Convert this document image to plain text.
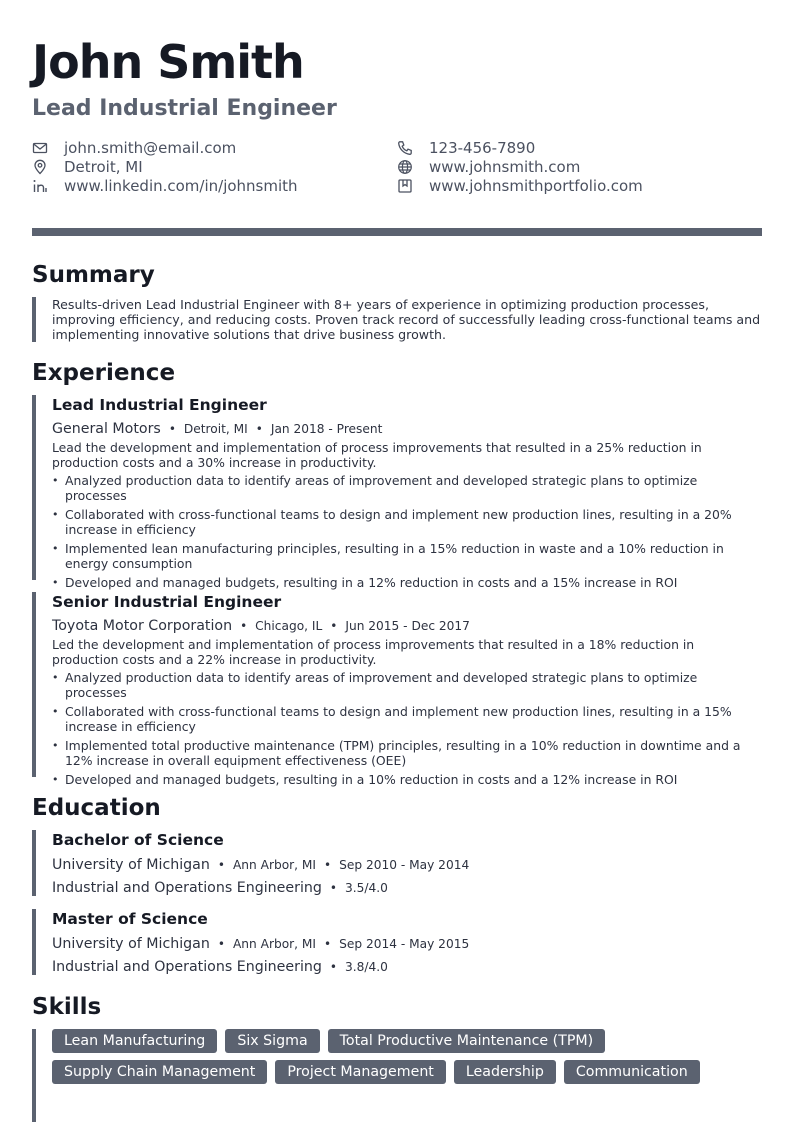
John Smith
Lead Industrial Engineer
john.smith@email.com
Detroit, MI
www.linkedin.com/in/johnsmith
123-456-7890
www.johnsmith.com
www.johnsmithportfolio.com
Summary
Results-driven Lead Industrial Engineer with 8+ years of experience in optimizing production processes, improving efficiency, and reducing costs. Proven track record of successfully leading cross-functional teams and implementing innovative solutions that drive business growth.
Experience
Lead Industrial Engineer
General Motors • Detroit, MI • Jan 2018 - Present
Lead the development and implementation of process improvements that resulted in a 25% reduction in production costs and a 30% increase in productivity.
• Analyzed production data to identify areas of improvement and developed strategic plans to optimize processes
• Collaborated with cross-functional teams to design and implement new production lines, resulting in a 20% increase in efficiency
• Implemented lean manufacturing principles, resulting in a 15% reduction in waste and a 10% reduction in energy consumption
• Developed and managed budgets, resulting in a 12% reduction in costs and a 15% increase in ROI
Senior Industrial Engineer
Toyota Motor Corporation • Chicago, IL • Jun 2015 - Dec 2017
Led the development and implementation of process improvements that resulted in a 18% reduction in production costs and a 22% increase in productivity.
• Analyzed production data to identify areas of improvement and developed strategic plans to optimize processes
• Collaborated with cross-functional teams to design and implement new production lines, resulting in a 15% increase in efficiency
• Implemented total productive maintenance (TPM) principles, resulting in a 10% reduction in downtime and a 12% increase in overall equipment effectiveness (OEE)
• Developed and managed budgets, resulting in a 10% reduction in costs and a 12% increase in ROI
Education
Bachelor of Science
University of Michigan • Ann Arbor, MI • Sep 2010 - May 2014
Industrial and Operations Engineering • 3.5/4.0
Master of Science
University of Michigan • Ann Arbor, MI • Sep 2014 - May 2015
Industrial and Operations Engineering • 3.8/4.0
Skills
Lean Manufacturing	Six Sigma	Total Productive Maintenance (TPM)
Supply Chain Management	Project Management	Leadership	Communication
